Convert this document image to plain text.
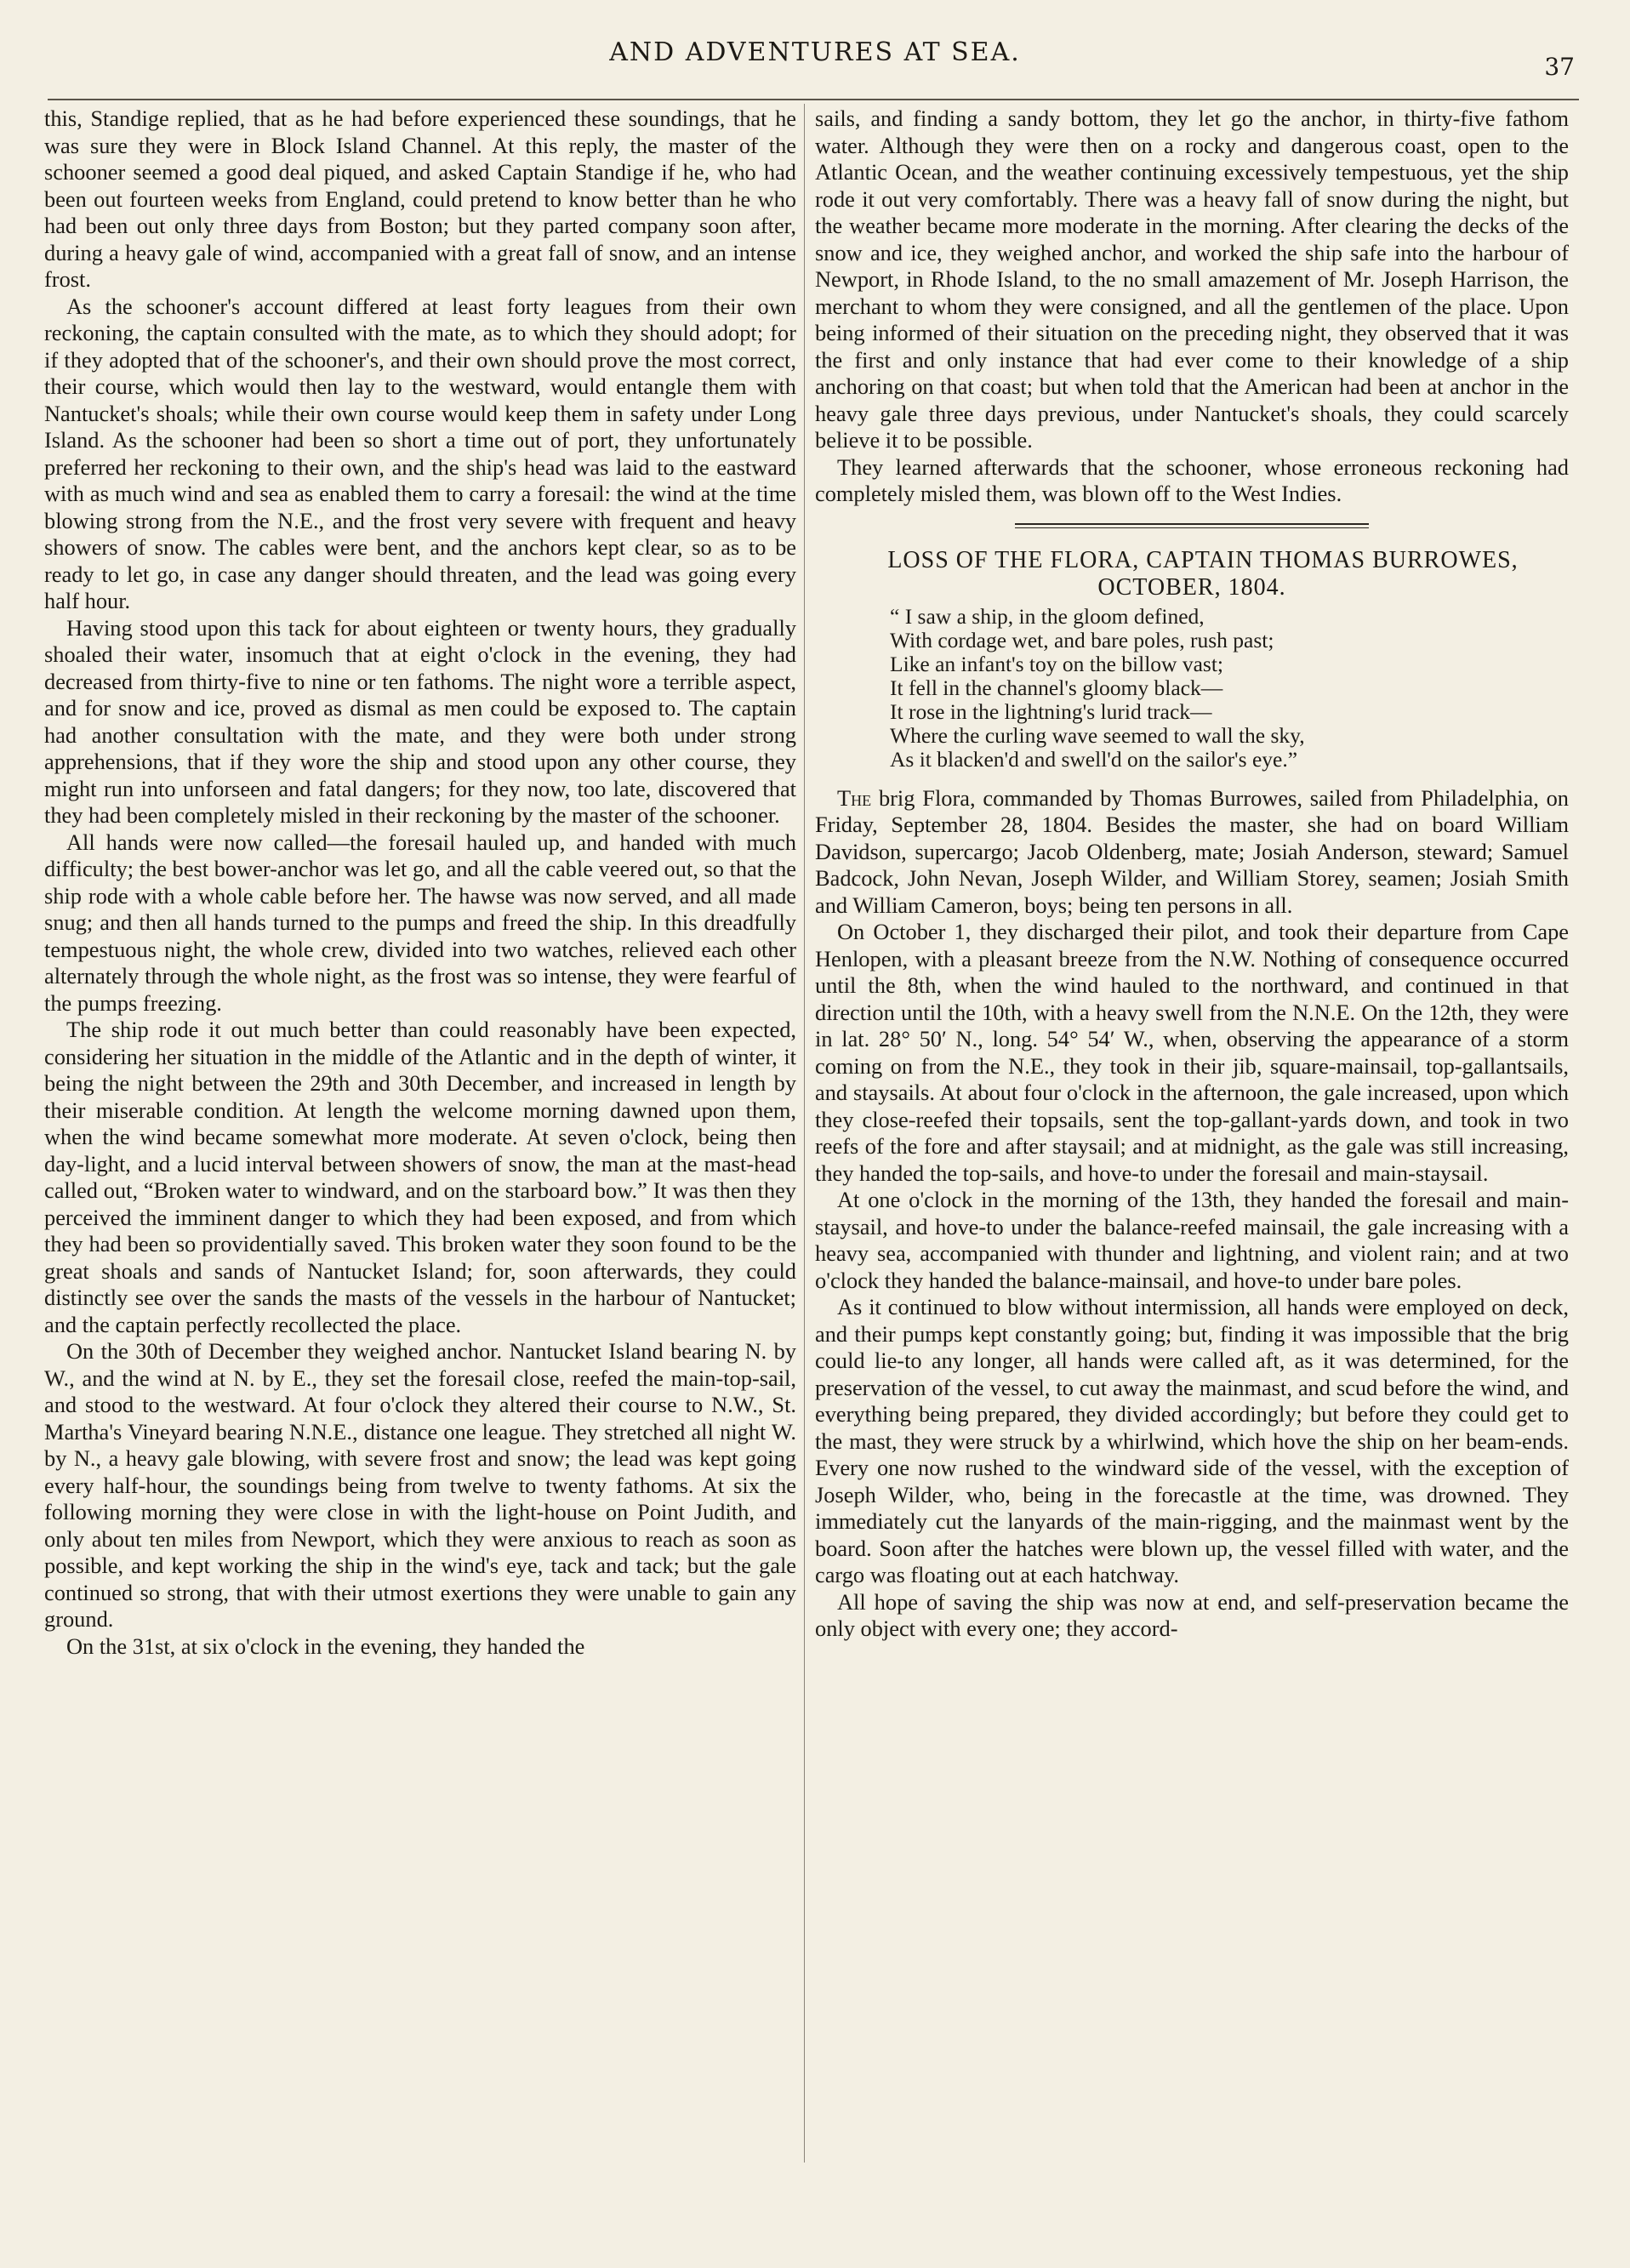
AND ADVENTURES AT SEA.	37

this, Standige replied, that as he had before experienced these soundings, that he was sure they were in Block Island Channel. At this reply, the master of the schooner seemed a good deal piqued, and asked Captain Standige if he, who had been out fourteen weeks from England, could pretend to know better than he who had been out only three days from Boston; but they parted company soon after, during a heavy gale of wind, accompanied with a great fall of snow, and an intense frost.

As the schooner's account differed at least forty leagues from their own reckoning, the captain consulted with the mate, as to which they should adopt; for if they adopted that of the schooner's, and their own should prove the most correct, their course, which would then lay to the westward, would entangle them with Nantucket's shoals; while their own course would keep them in safety under Long Island. As the schooner had been so short a time out of port, they unfortunately preferred her reckoning to their own, and the ship's head was laid to the eastward with as much wind and sea as enabled them to carry a foresail: the wind at the time blowing strong from the N.E., and the frost very severe with frequent and heavy showers of snow. The cables were bent, and the anchors kept clear, so as to be ready to let go, in case any danger should threaten, and the lead was going every half hour.

Having stood upon this tack for about eighteen or twenty hours, they gradually shoaled their water, insomuch that at eight o'clock in the evening, they had decreased from thirty-five to nine or ten fathoms. The night wore a terrible aspect, and for snow and ice, proved as dismal as men could be exposed to. The captain had another consultation with the mate, and they were both under strong apprehensions, that if they wore the ship and stood upon any other course, they might run into unforseen and fatal dangers; for they now, too late, discovered that they had been completely misled in their reckoning by the master of the schooner.

All hands were now called—the foresail hauled up, and handed with much difficulty; the best bower-anchor was let go, and all the cable veered out, so that the ship rode with a whole cable before her. The hawse was now served, and all made snug; and then all hands turned to the pumps and freed the ship. In this dreadfully tempestuous night, the whole crew, divided into two watches, relieved each other alternately through the whole night, as the frost was so intense, they were fearful of the pumps freezing.

The ship rode it out much better than could reasonably have been expected, considering her situation in the middle of the Atlantic and in the depth of winter, it being the night between the 29th and 30th December, and increased in length by their miserable condition. At length the welcome morning dawned upon them, when the wind became somewhat more moderate. At seven o'clock, being then day-light, and a lucid interval between showers of snow, the man at the mast-head called out, “Broken water to windward, and on the starboard bow.” It was then they perceived the imminent danger to which they had been exposed, and from which they had been so providentially saved. This broken water they soon found to be the great shoals and sands of Nantucket Island; for, soon afterwards, they could distinctly see over the sands the masts of the vessels in the harbour of Nantucket; and the captain perfectly recollected the place.

On the 30th of December they weighed anchor. Nantucket Island bearing N. by W., and the wind at N. by E., they set the foresail close, reefed the main-top-sail, and stood to the westward. At four o'clock they altered their course to N.W., St. Martha's Vineyard bearing N.N.E., distance one league. They stretched all night W. by N., a heavy gale blowing, with severe frost and snow; the lead was kept going every half-hour, the soundings being from twelve to twenty fathoms. At six the following morning they were close in with the light-house on Point Judith, and only about ten miles from Newport, which they were anxious to reach as soon as possible, and kept working the ship in the wind's eye, tack and tack; but the gale continued so strong, that with their utmost exertions they were unable to gain any ground.

On the 31st, at six o'clock in the evening, they handed the

sails, and finding a sandy bottom, they let go the anchor, in thirty-five fathom water. Although they were then on a rocky and dangerous coast, open to the Atlantic Ocean, and the weather continuing excessively tempestuous, yet the ship rode it out very comfortably. There was a heavy fall of snow during the night, but the weather became more moderate in the morning. After clearing the decks of the snow and ice, they weighed anchor, and worked the ship safe into the harbour of Newport, in Rhode Island, to the no small amazement of Mr. Joseph Harrison, the merchant to whom they were consigned, and all the gentlemen of the place. Upon being informed of their situation on the preceding night, they observed that it was the first and only instance that had ever come to their knowledge of a ship anchoring on that coast; but when told that the American had been at anchor in the heavy gale three days previous, under Nantucket's shoals, they could scarcely believe it to be possible.

They learned afterwards that the schooner, whose erroneous reckoning had completely misled them, was blown off to the West Indies.

LOSS OF THE FLORA, CAPTAIN THOMAS BURROWES, OCTOBER, 1804.

“ I saw a ship, in the gloom defined,
With cordage wet, and bare poles, rush past;
Like an infant's toy on the billow vast;
It fell in the channel's gloomy black—
It rose in the lightning's lurid track—
Where the curling wave seemed to wall the sky,
As it blacken'd and swell'd on the sailor's eye.”

The brig Flora, commanded by Thomas Burrowes, sailed from Philadelphia, on Friday, September 28, 1804. Besides the master, she had on board William Davidson, supercargo; Jacob Oldenberg, mate; Josiah Anderson, steward; Samuel Badcock, John Nevan, Joseph Wilder, and William Storey, seamen; Josiah Smith and William Cameron, boys; being ten persons in all.

On October 1, they discharged their pilot, and took their departure from Cape Henlopen, with a pleasant breeze from the N.W. Nothing of consequence occurred until the 8th, when the wind hauled to the northward, and continued in that direction until the 10th, with a heavy swell from the N.N.E. On the 12th, they were in lat. 28° 50′ N., long. 54° 54′ W., when, observing the appearance of a storm coming on from the N.E., they took in their jib, square-mainsail, top-gallantsails, and staysails. At about four o'clock in the afternoon, the gale increased, upon which they close-reefed their topsails, sent the top-gallant-yards down, and took in two reefs of the fore and after staysail; and at midnight, as the gale was still increasing, they handed the top-sails, and hove-to under the foresail and main-staysail.

At one o'clock in the morning of the 13th, they handed the foresail and main-staysail, and hove-to under the balance-reefed mainsail, the gale increasing with a heavy sea, accompanied with thunder and lightning, and violent rain; and at two o'clock they handed the balance-mainsail, and hove-to under bare poles.

As it continued to blow without intermission, all hands were employed on deck, and their pumps kept constantly going; but, finding it was impossible that the brig could lie-to any longer, all hands were called aft, as it was determined, for the preservation of the vessel, to cut away the mainmast, and scud before the wind, and everything being prepared, they divided accordingly; but before they could get to the mast, they were struck by a whirlwind, which hove the ship on her beam-ends. Every one now rushed to the windward side of the vessel, with the exception of Joseph Wilder, who, being in the forecastle at the time, was drowned. They immediately cut the lanyards of the main-rigging, and the mainmast went by the board. Soon after the hatches were blown up, the vessel filled with water, and the cargo was floating out at each hatchway.

All hope of saving the ship was now at end, and self-preservation became the only object with every one; they accord-
